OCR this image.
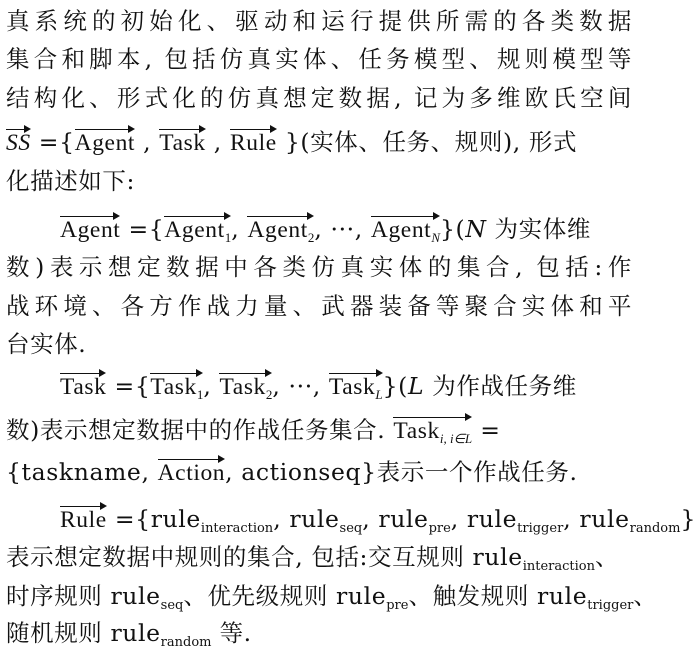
真系统的初始化、驱动和运行提供所需的各类数据
集合和脚本, 包括仿真实体、任务模型、规则模型等
结构化、形式化的仿真想定数据, 记为多维欧氏空间
SS ={Agent , Task , Rule }(实体、任务、规则), 形式
化描述如下:
Agent ={Agent$_1$, Agent$_2$, ···, Agent$_N$}(N 为实体维
数)表示想定数据中各类仿真实体的集合, 包括:作
战环境、各方作战力量、武器装备等聚合实体和平
台实体.
Task ={Task$_1$, Task$_2$, ···, Task$_L$}(L 为作战任务维
数)表示想定数据中的作战任务集合. Task$_{i, i\in L}$ =
{taskname, Action, actionseq}表示一个作战任务.
Rule ={rule$_{interaction}$, rule$_{seq}$, rule$_{pre}$, rule$_{trigger}$, rule$_{random}$}
表示想定数据中规则的集合, 包括:交互规则 rule$_{interaction}$、
时序规则 rule$_{seq}$、优先级规则 rule$_{pre}$、触发规则 rule$_{trigger}$、
随机规则 rule$_{random}$ 等.
